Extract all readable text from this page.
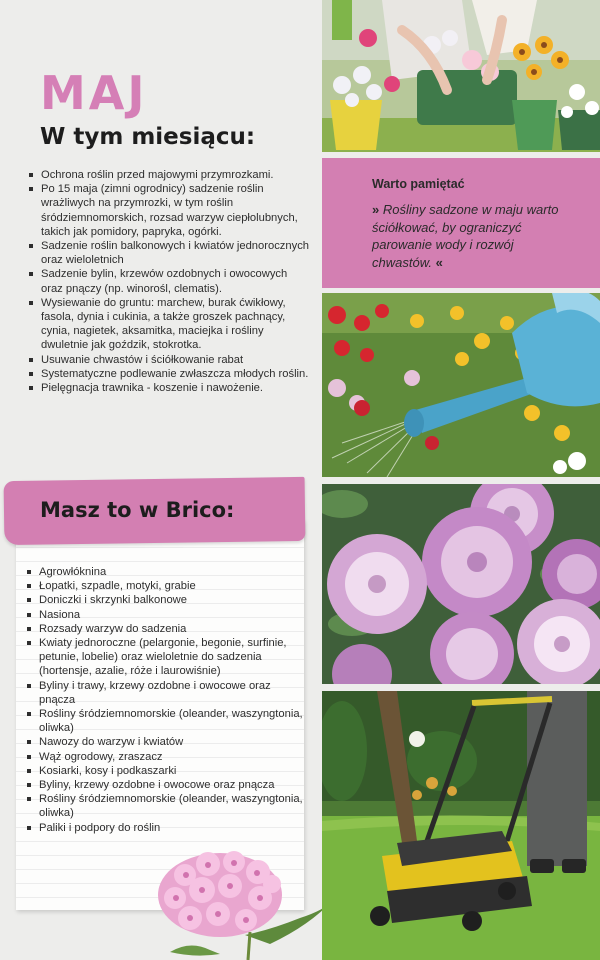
MAJ
W tym miesiącu:
Ochrona roślin przed majowymi przymrozkami.
Po 15 maja (zimni ogrodnicy) sadzenie roślin wrażliwych na przymrozki, w tym roślin śródziemnomorskich, rozsad warzyw ciepłolubnych, takich jak pomidory, papryka, ogórki.
Sadzenie roślin balkonowych i kwiatów jednorocznych oraz wieloletnich
Sadzenie bylin, krzewów ozdobnych i owocowych oraz pnączy (np. winorośl, clematis).
Wysiewanie do gruntu: marchew, burak ćwikłowy, fasola, dynia i cukinia, a także groszek pachnący, cynia, nagietek, aksamitka, maciejka i rośliny dwuletnie jak goździk, stokrotka.
Usuwanie chwastów i ściółkowanie rabat
Systematyczne podlewanie zwłaszcza młodych roślin.
Pielęgnacja trawnika - koszenie i nawożenie.
Masz to w Brico:
Agrowłóknina
Łopatki, szpadle, motyki, grabie
Doniczki i skrzynki balkonowe
Nasiona
Rozsady warzyw do sadzenia
Kwiaty jednoroczne (pelargonie, begonie, surfinie, petunie, lobelie) oraz wieloletnie do sadzenia (hortensje, azalie, róże i laurowiśnie)
Byliny i trawy, krzewy ozdobne i owocowe oraz pnącza
Rośliny śródziemnomorskie (oleander, waszyngtonia, oliwka)
Nawozy do warzyw i kwiatów
Wąż ogrodowy, zraszacz
Kosiarki, kosy i podkaszarki
Byliny, krzewy ozdobne i owocowe oraz pnącza
Rośliny śródziemnomorskie (oleander, waszyngtonia, oliwka)
Paliki i podpory do roślin
Warto pamiętać
» Rośliny sadzone w maju warto ściółkować, by ograniczyć parowanie wody i rozwój chwastów. «
